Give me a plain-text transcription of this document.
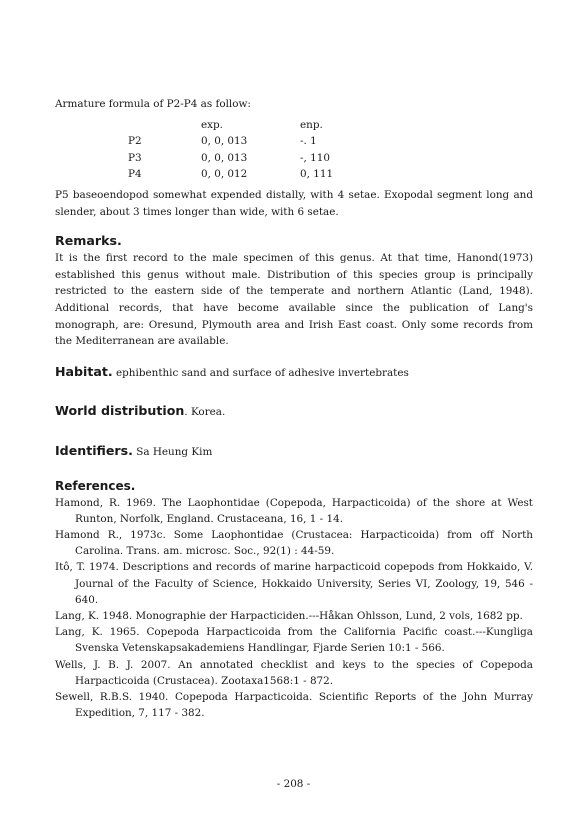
Armature formula of P2-P4 as follow:

		exp.	enp.
	P2	0, 0, 013	-. 1
	P3	0, 0, 013	-, 110
	P4	0, 0, 012	0, 111

P5 baseoendopod somewhat expended distally, with 4 setae. Exopodal segment long and slender, about 3 times longer than wide, with 6 setae.

Remarks.

It is the first record to the male specimen of this genus. At that time, Hanond(1973) established this genus without male. Distribution of this species group is principally restricted to the eastern side of the temperate and northern Atlantic (Land, 1948). Additional records, that have become available since the publication of Lang's monograph, are: Oresund, Plymouth area and Irish East coast. Only some records from the Mediterranean are available.

Habitat. ephibenthic sand and surface of adhesive invertebrates

World distribution. Korea.

Identifiers. Sa Heung Kim

References.

Hamond, R. 1969. The Laophontidae (Copepoda, Harpacticoida) of the shore at West Runton, Norfolk, England. Crustaceana, 16, 1 - 14.

Hamond R., 1973c. Some Laophontidae (Crustacea: Harpacticoida) from off North Carolina. Trans. am. microsc. Soc., 92(1) : 44-59.

Itô, T. 1974. Descriptions and records of marine harpacticoid copepods from Hokkaido, V. Journal of the Faculty of Science, Hokkaido University, Series VI, Zoology, 19, 546 - 640.

Lang, K. 1948. Monographie der Harpacticiden.---Håkan Ohlsson, Lund, 2 vols, 1682 pp.

Lang, K. 1965. Copepoda Harpacticoida from the California Pacific coast.---Kungliga Svenska Vetenskapsakademiens Handlingar, Fjarde Serien 10:1 - 566.

Wells, J. B. J. 2007. An annotated checklist and keys to the species of Copepoda Harpacticoida (Crustacea). Zootaxa1568:1 - 872.

Sewell, R.B.S. 1940. Copepoda Harpacticoida. Scientific Reports of the John Murray Expedition, 7, 117 - 382.

- 208 -
